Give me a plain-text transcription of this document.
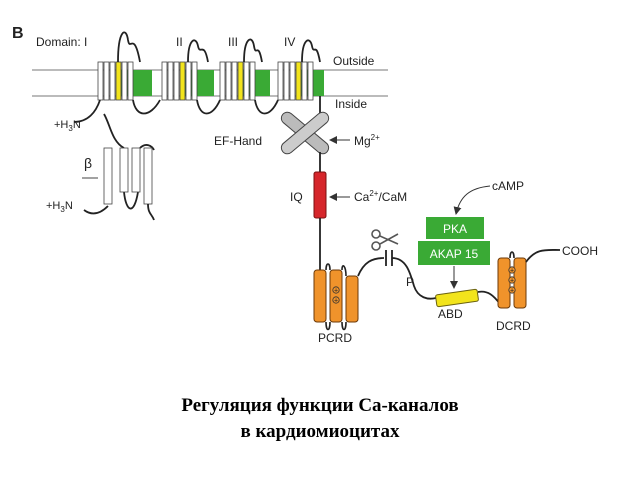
B Domain: I	II	III	IV
Outside
Inside
$+H_3N$
β
$+H_3N$
EF-Hand	$Mg^{2+}$
IQ	$Ca^{2+}$/CaM
+
+
PCRD
P
PKA
AKAP 15
cAMP
ABD
+
+
+
DCRD
COOH
Регуляция функции Са-каналов
в кардиомиоцитах
